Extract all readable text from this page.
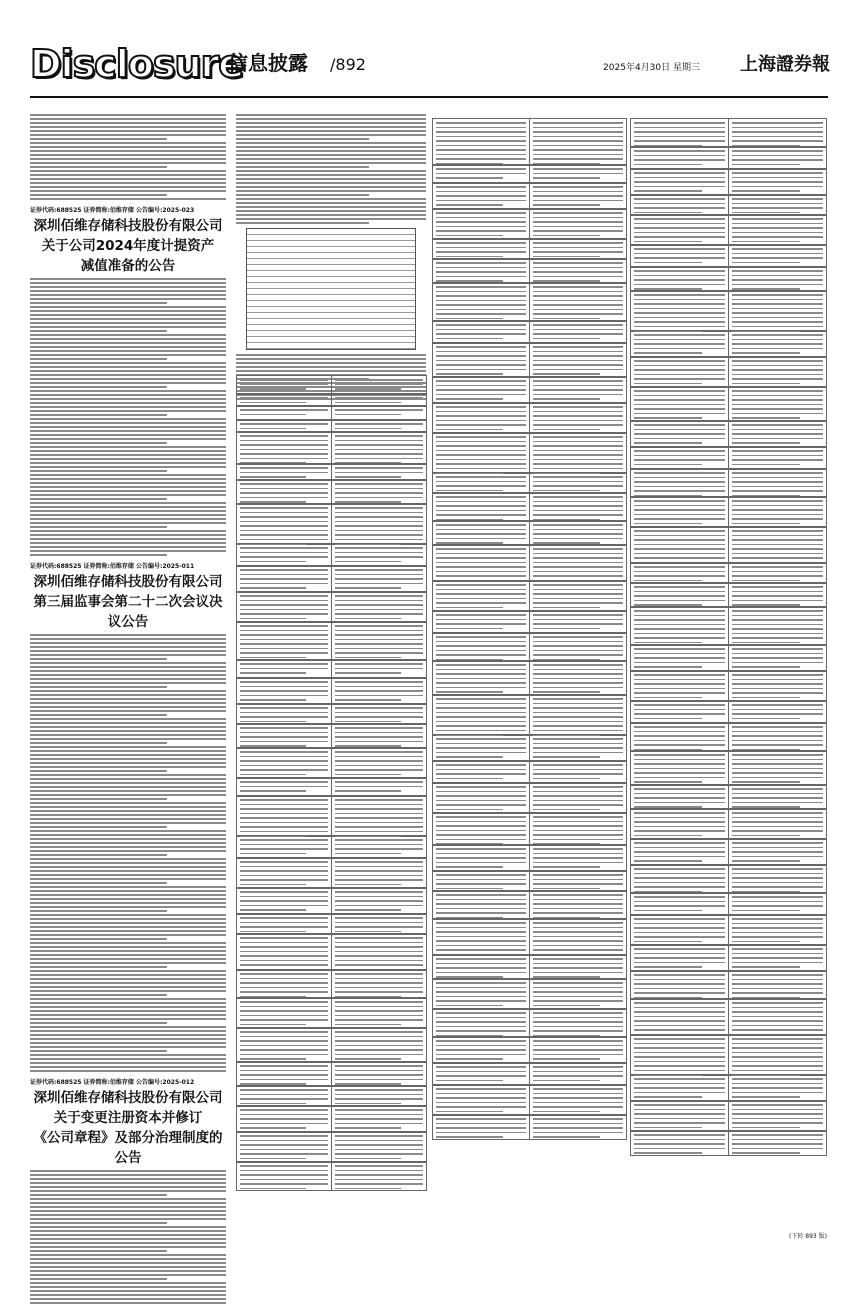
Disclosure
信息披露 /892	2025年4月30日 星期三 上海證券報
证券代码:688525 证券简称:佰维存储 公告编号:2025-023
深圳佰维存储科技股份有限公司
关于公司2024年度计提资产
减值准备的公告
证券代码:688525 证券简称:佰维存储 公告编号:2025-011
深圳佰维存储科技股份有限公司
第三届监事会第二十二次会议决议公告
证券代码:688525 证券简称:佰维存储 公告编号:2025-012
深圳佰维存储科技股份有限公司
关于变更注册资本并修订
《公司章程》及部分治理制度的公告
(下转 893 版)
